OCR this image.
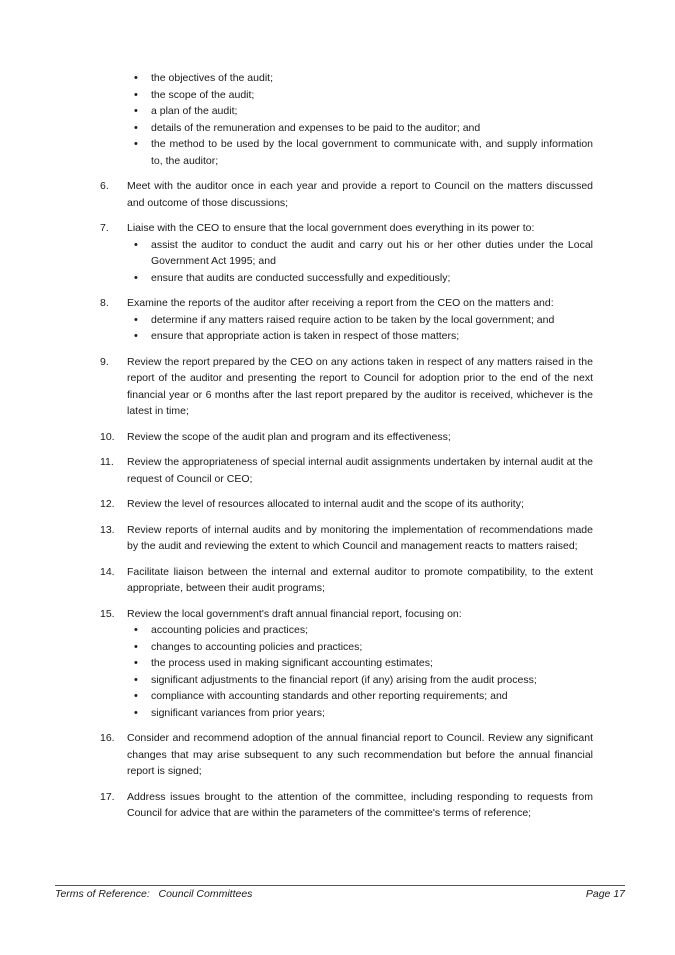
• the objectives of the audit;
• the scope of the audit;
• a plan of the audit;
• details of the remuneration and expenses to be paid to the auditor; and
• the method to be used by the local government to communicate with, and supply information to, the auditor;
6.	Meet with the auditor once in each year and provide a report to Council on the matters discussed and outcome of those discussions;

7.	Liaise with the CEO to ensure that the local government does everything in its power to:

• assist the auditor to conduct the audit and carry out his or her other duties under the Local Government Act 1995; and
• ensure that audits are conducted successfully and expeditiously;
8.	Examine the reports of the auditor after receiving a report from the CEO on the matters and:

• determine if any matters raised require action to be taken by the local government; and
• ensure that appropriate action is taken in respect of those matters;
9.	Review the report prepared by the CEO on any actions taken in respect of any matters raised in the report of the auditor and presenting the report to Council for adoption prior to the end of the next financial year or 6 months after the last report prepared by the auditor is received, whichever is the latest in time;

10.	Review the scope of the audit plan and program and its effectiveness;

11.	Review the appropriateness of special internal audit assignments undertaken by internal audit at the request of Council or CEO;

12.	Review the level of resources allocated to internal audit and the scope of its authority;

13.	Review reports of internal audits and by monitoring the implementation of recommendations made by the audit and reviewing the extent to which Council and management reacts to matters raised;

14.	Facilitate liaison between the internal and external auditor to promote compatibility, to the extent appropriate, between their audit programs;

15.	Review the local government's draft annual financial report, focusing on:

• accounting policies and practices;
• changes to accounting policies and practices;
• the process used in making significant accounting estimates;
• significant adjustments to the financial report (if any) arising from the audit process;
• compliance with accounting standards and other reporting requirements; and
• significant variances from prior years;
16.	Consider and recommend adoption of the annual financial report to Council. Review any significant changes that may arise subsequent to any such recommendation but before the annual financial report is signed;

17.	Address issues brought to the attention of the committee, including responding to requests from Council for advice that are within the parameters of the committee's terms of reference;

Terms of Reference:   Council Committees	Page 17
